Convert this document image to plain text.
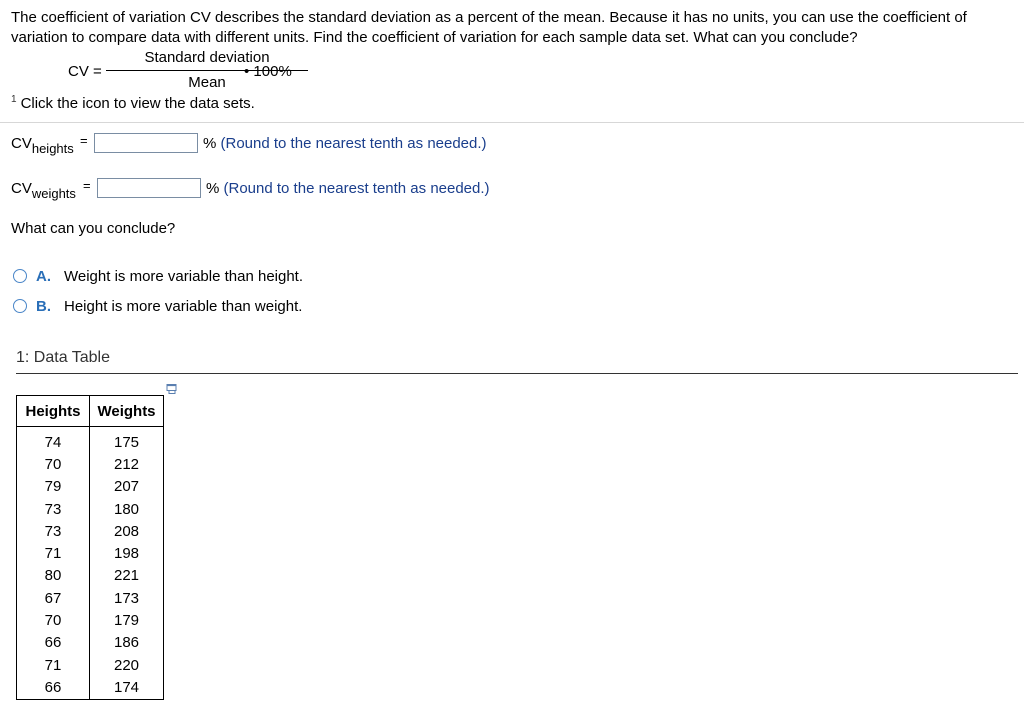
The coefficient of variation CV describes the standard deviation as a percent of the mean. Because it has no units, you can use the coefficient of variation to compare data with different units. Find the coefficient of variation for each sample data set. What can you conclude?
CV =
Standard deviation
Mean
• 100%
$^1$ Click the icon to view the data sets.
$CV_{heights}$
=	% (Round to the nearest tenth as needed.)
$CV_{weights}$
=	% (Round to the nearest tenth as needed.)
What can you conclude?
A. Weight is more variable than height.
B. Height is more variable than weight.
1: Data Table
Heights	Weights
74	175
70	212
79	207
73	180
73	208
71	198
80	221
67	173
70	179
66	186
71	220
66	174
